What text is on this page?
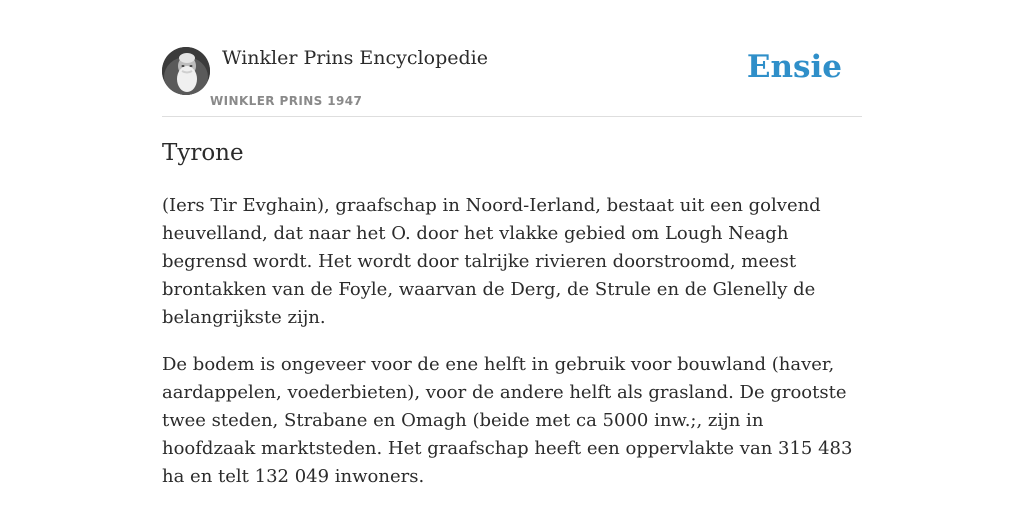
Winkler Prins Encyclopedie
WINKLER PRINS 1947
Ensie
Tyrone

(Iers Tir Evghain), graafschap in Noord-Ierland, bestaat uit een golvend heuvelland, dat naar het O. door het vlakke gebied om Lough Neagh begrensd wordt. Het wordt door talrijke rivieren doorstroomd, meest brontakken van de Foyle, waarvan de Derg, de Strule en de Glenelly de belangrijkste zijn.

De bodem is ongeveer voor de ene helft in gebruik voor bouwland (haver, aardappelen, voederbieten), voor de andere helft als grasland. De grootste twee steden, Strabane en Omagh (beide met ca 5000 inw.;, zijn in hoofdzaak marktsteden. Het graafschap heeft een oppervlakte van 315 483 ha en telt 132 049 inwoners.
